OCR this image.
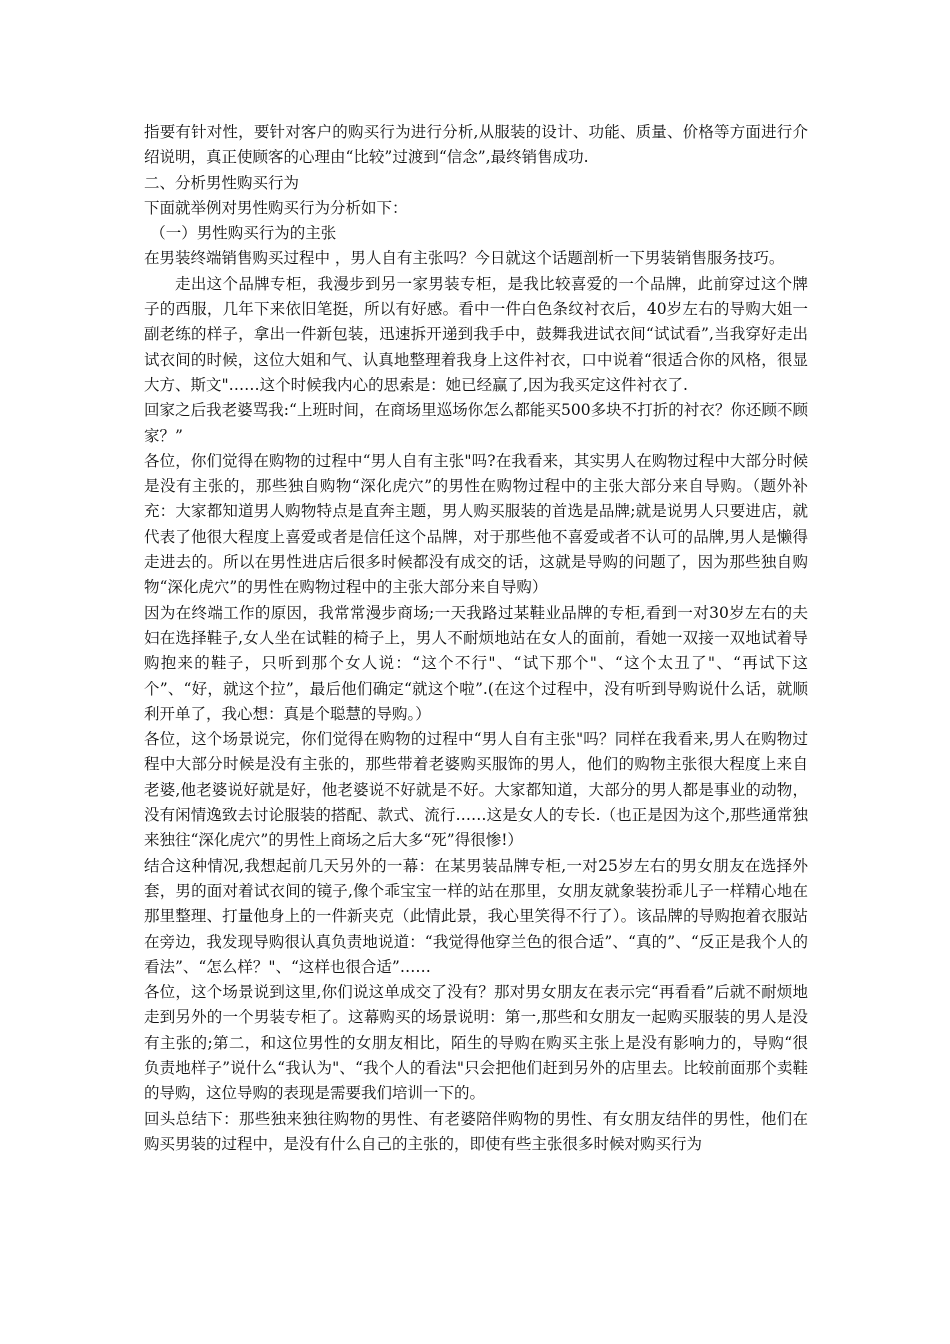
指要有针对性，要针对客户的购买行为进行分析,从服装的设计、功能、质量、价格等方面进行介绍说明，真正使顾客的心理由“比较”过渡到“信念”,最终销售成功.

二、分析男性购买行为

下面就举例对男性购买行为分析如下：

（一）男性购买行为的主张

在男装终端销售购买过程中 ，男人自有主张吗？今日就这个话题剖析一下男装销售服务技巧。

走出这个品牌专柜，我漫步到另一家男装专柜，是我比较喜爱的一个品牌，此前穿过这个牌子的西服，几年下来依旧笔挺，所以有好感。看中一件白色条纹衬衣后，40岁左右的导购大姐一副老练的样子，拿出一件新包装，迅速拆开递到我手中，鼓舞我进试衣间“试试看”,当我穿好走出试衣间的时候，这位大姐和气、认真地整理着我身上这件衬衣，口中说着“很适合你的风格，很显大方、斯文"……这个时候我内心的思索是：她已经赢了,因为我买定这件衬衣了.

回家之后我老婆骂我:“上班时间，在商场里巡场你怎么都能买500多块不打折的衬衣？你还顾不顾家？”

各位，你们觉得在购物的过程中“男人自有主张"吗?在我看来，其实男人在购物过程中大部分时候是没有主张的，那些独自购物“深化虎穴”的男性在购物过程中的主张大部分来自导购。（题外补充：大家都知道男人购物特点是直奔主题，男人购买服装的首选是品牌;就是说男人只要进店，就代表了他很大程度上喜爱或者是信任这个品牌，对于那些他不喜爱或者不认可的品牌,男人是懒得走进去的。所以在男性进店后很多时候都没有成交的话，这就是导购的问题了，因为那些独自购物“深化虎穴”的男性在购物过程中的主张大部分来自导购）

因为在终端工作的原因，我常常漫步商场;一天我路过某鞋业品牌的专柜,看到一对30岁左右的夫妇在选择鞋子,女人坐在试鞋的椅子上，男人不耐烦地站在女人的面前，看她一双接一双地试着导购抱来的鞋子，只听到那个女人说：“这个不行"、“试下那个"、“这个太丑了"、“再试下这个”、“好，就这个拉”，最后他们确定“就这个啦”.(在这个过程中，没有听到导购说什么话，就顺利开单了，我心想：真是个聪慧的导购。）

各位，这个场景说完，你们觉得在购物的过程中“男人自有主张"吗？同样在我看来,男人在购物过程中大部分时候是没有主张的，那些带着老婆购买服饰的男人，他们的购物主张很大程度上来自老婆,他老婆说好就是好，他老婆说不好就是不好。大家都知道，大部分的男人都是事业的动物，没有闲情逸致去讨论服装的搭配、款式、流行……这是女人的专长.（也正是因为这个,那些通常独来独往“深化虎穴”的男性上商场之后大多“死”得很惨!）

结合这种情况,我想起前几天另外的一幕：在某男装品牌专柜,一对25岁左右的男女朋友在选择外套，男的面对着试衣间的镜子,像个乖宝宝一样的站在那里，女朋友就象装扮乖儿子一样精心地在那里整理、打量他身上的一件新夹克（此情此景，我心里笑得不行了）。该品牌的导购抱着衣服站在旁边，我发现导购很认真负责地说道：“我觉得他穿兰色的很合适”、“真的”、“反正是我个人的看法”、“怎么样？"、“这样也很合适”……

各位，这个场景说到这里,你们说这单成交了没有？那对男女朋友在表示完“再看看”后就不耐烦地走到另外的一个男装专柜了。这幕购买的场景说明：第一,那些和女朋友一起购买服装的男人是没有主张的;第二，和这位男性的女朋友相比，陌生的导购在购买主张上是没有影响力的，导购“很负责地样子”说什么“我认为"、“我个人的看法"只会把他们赶到另外的店里去。比较前面那个卖鞋的导购，这位导购的表现是需要我们培训一下的。

回头总结下：那些独来独往购物的男性、有老婆陪伴购物的男性、有女朋友结伴的男性，他们在购买男装的过程中，是没有什么自己的主张的，即使有些主张很多时候对购买行为
